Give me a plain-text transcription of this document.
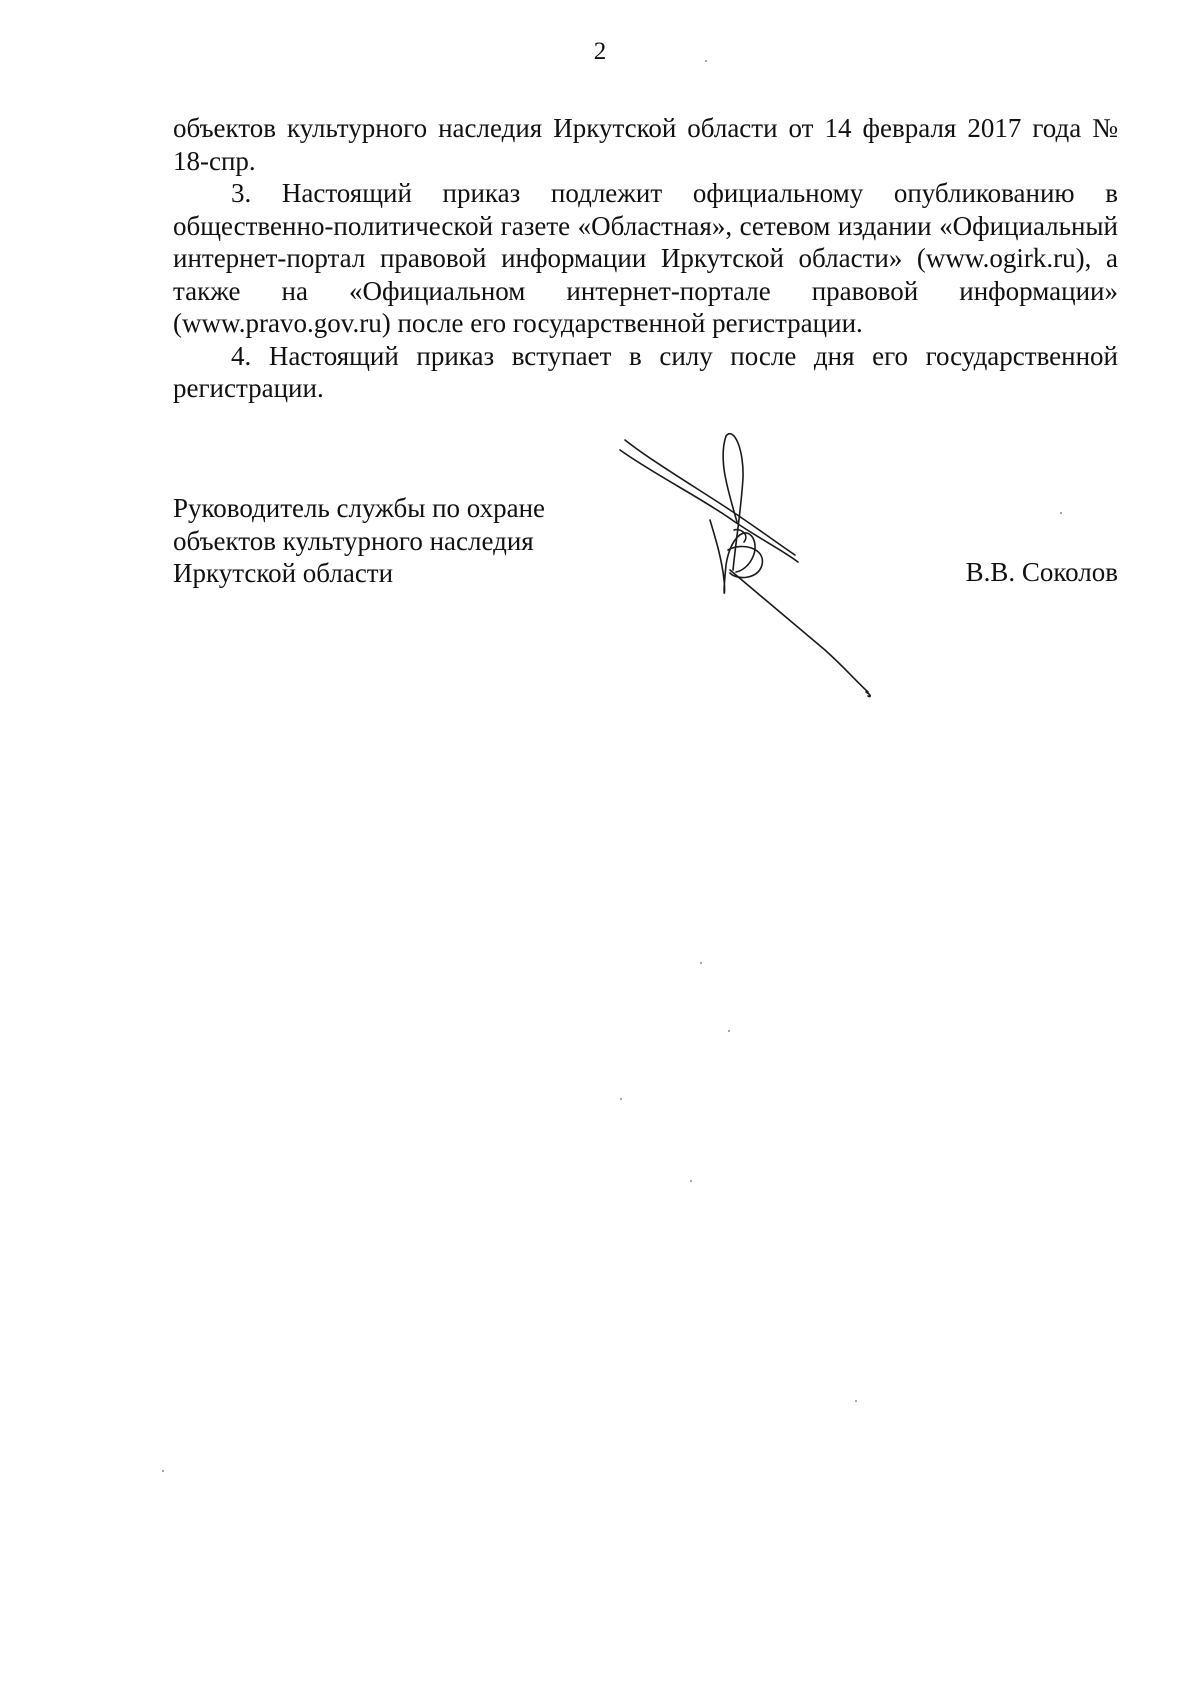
2

объектов культурного наследия Иркутской области от 14 февраля 2017 года № 18-спр.

3. Настоящий приказ подлежит официальному опубликованию в общественно-политической газете «Областная», сетевом издании «Официальный интернет-портал правовой информации Иркутской области» (www.ogirk.ru), а также на «Официальном интернет-портале правовой информации» (www.pravo.gov.ru) после его государственной регистрации.

4. Настоящий приказ вступает в силу после дня его государственной регистрации.

Руководитель службы по охране
объектов культурного наследия
Иркутской области	В.В. Соколов
